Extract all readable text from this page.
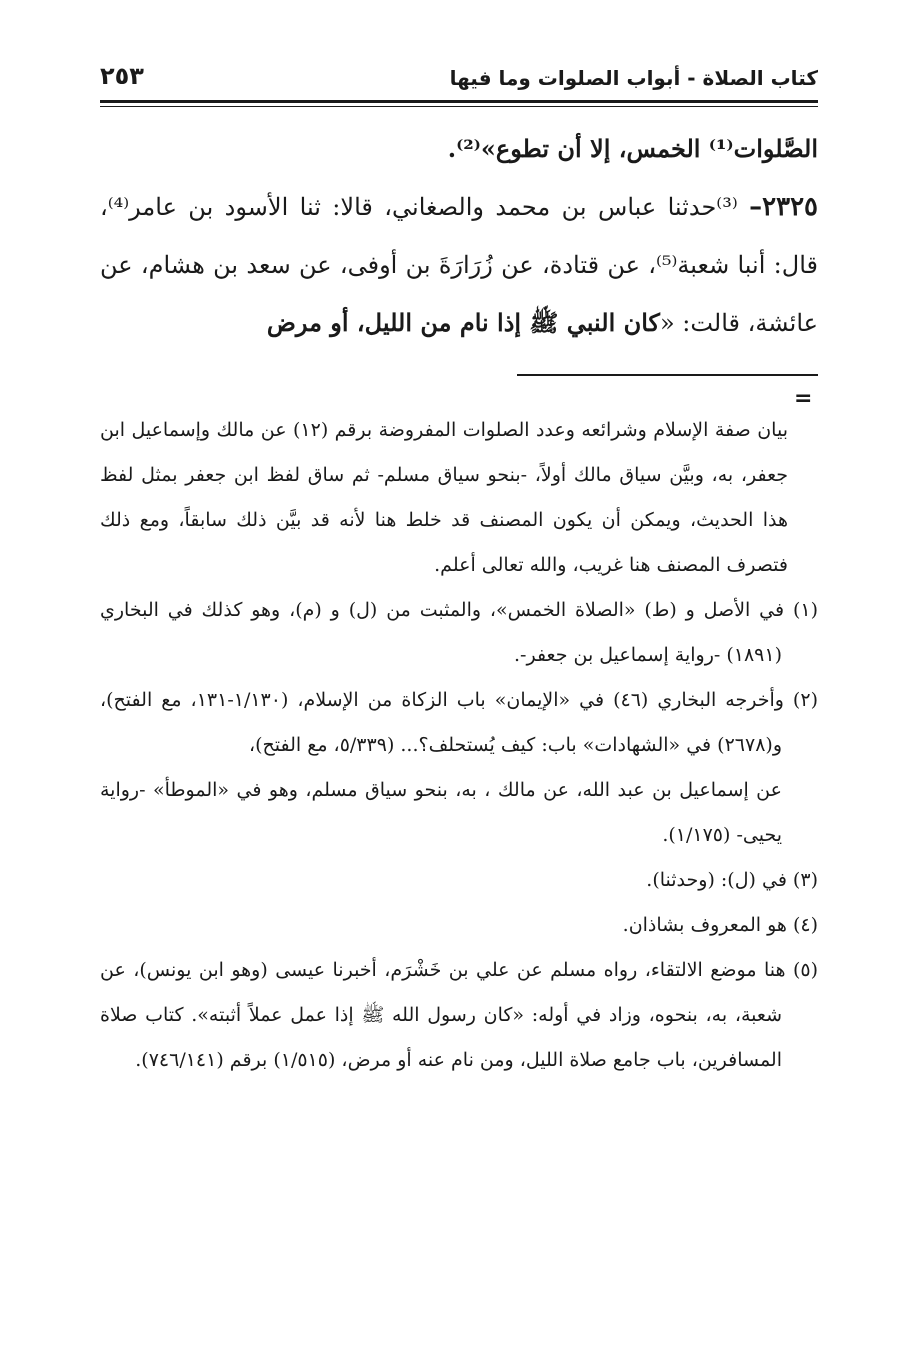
كتاب الصلاة - أبواب الصلوات وما فيها
٢٥٣

الصَّلوات⁽¹⁾ الخمس، إلا أن تطوع»⁽²⁾.

٢٣٢٥– ⁽³⁾حدثنا عباس بن محمد والصغاني، قالا: ثنا الأسود بن عامر⁽⁴⁾، قال: أنبا شعبة⁽⁵⁾، عن قتادة، عن زُرَارَةَ بن أوفى، عن سعد بن هشام، عن عائشة، قالت: «كان النبي ﷺ إذا نام من الليل، أو مرض

=

بيان صفة الإسلام وشرائعه وعدد الصلوات المفروضة برقم (١٢) عن مالك وإسماعيل ابن جعفر، به، وبيَّن سياق مالك أولاً، -بنحو سياق مسلم- ثم ساق لفظ ابن جعفر بمثل لفظ هذا الحديث، ويمكن أن يكون المصنف قد خلط هنا لأنه قد بيَّن ذلك سابقاً، ومع ذلك فتصرف المصنف هنا غريب، والله تعالى أعلم.

(١) في الأصل و (ط) «الصلاة الخمس»، والمثبت من (ل) و (م)، وهو كذلك في البخاري (١٨٩١) -رواية إسماعيل بن جعفر-.

(٢) وأخرجه البخاري (٤٦) في «الإيمان» باب الزكاة من الإسلام، (١/١٣٠-١٣١، مع الفتح)، و(٢٦٧٨) في «الشهادات» باب: كيف يُستحلف؟... (٥/٣٣٩، مع الفتح)،

عن إسماعيل بن عبد الله، عن مالك ، به، بنحو سياق مسلم، وهو في «الموطأ» -رواية يحيى- (١/١٧٥).

(٣) في (ل): (وحدثنا).

(٤) هو المعروف بشاذان.

(٥) هنا موضع الالتقاء، رواه مسلم عن علي بن خَشْرَم، أخبرنا عيسى (وهو ابن يونس)، عن شعبة، به، بنحوه، وزاد في أوله: «كان رسول الله ﷺ إذا عمل عملاً أثبته». كتاب صلاة المسافرين، باب جامع صلاة الليل، ومن نام عنه أو مرض، (١/٥١٥) برقم (٧٤٦/١٤١).
